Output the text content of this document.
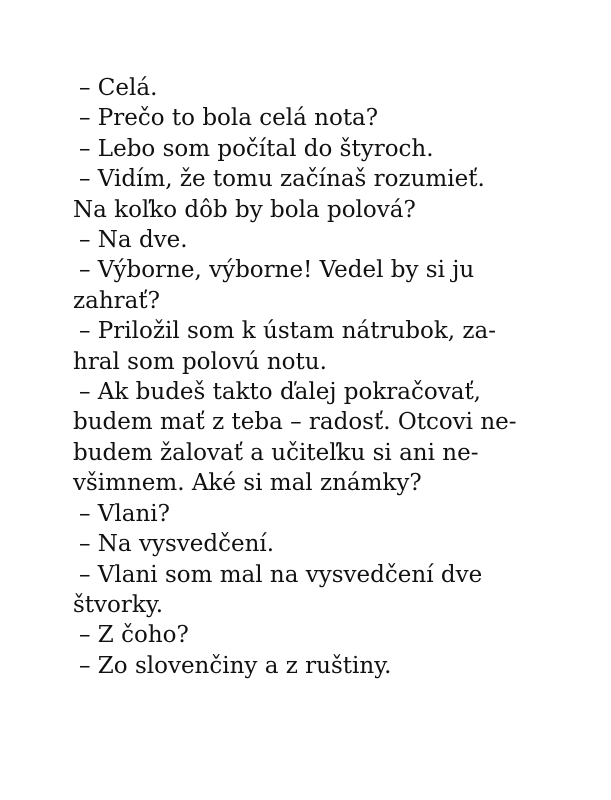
– Celá.
– Prečo to bola celá nota?
– Lebo som počítal do štyroch.
– Vidím, že tomu začínaš rozumieť.
Na koľko dôb by bola polová?
– Na dve.
– Výborne, výborne! Vedel by si ju
zahrať?
– Priložil som k ústam nátrubok, za-
hral som polovú notu.
– Ak budeš takto ďalej pokračovať,
budem mať z teba – radosť. Otcovi ne-
budem žalovať a učiteľku si ani ne-
všimnem. Aké si mal známky?
– Vlani?
– Na vysvedčení.
– Vlani som mal na vysvedčení dve
štvorky.
– Z čoho?
– Zo slovenčiny a z ruštiny.
